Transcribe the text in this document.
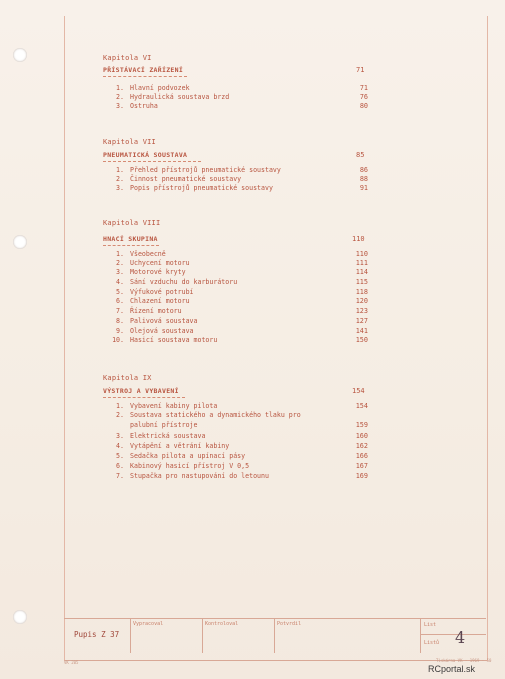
Kapitola VI
PŘÍSTÁVACÍ ZAŘÍZENÍ	71
1. Hlavní podvozek	71
2. Hydraulická soustava brzd	76
3. Ostruha	80
Kapitola VII
PNEUMATICKÁ SOUSTAVA	85
1. Přehled přístrojů pneumatické soustavy	86
2. Činnost pneumatické soustavy	88
3. Popis přístrojů pneumatické soustavy	91
Kapitola VIII
HNACÍ SKUPINA	110
1. Všeobecně	110
2. Uchycení motoru	111
3. Motorové kryty	114
4. Sání vzduchu do karburátoru	115
5. Výfukové potrubí	118
6. Chlazení motoru	120
7. Řízení motoru	123
8. Palivová soustava	127
9. Olejová soustava	141
10. Hasicí soustava motoru	150
Kapitola IX
VÝSTROJ A VYBAVENÍ	154
1. Vybavení kabiny pilota	154
2. Soustava statického a dynamického tlaku pro
palubní přístroje	159
3. Elektrická soustava	160
4. Vytápění a větrání kabiny	162
5. Sedačka pilota a upínací pásy	166
6. Kabinový hasicí přístroj V 0,5	167
7. Stupačka pro nastupování do letounu	169
Pupis Z 37
Vypracoval	Kontroloval	Potvrdil	List
Listů 4
VK 205	Tiskárna VK · 1969 · 50
RCportal.sk
